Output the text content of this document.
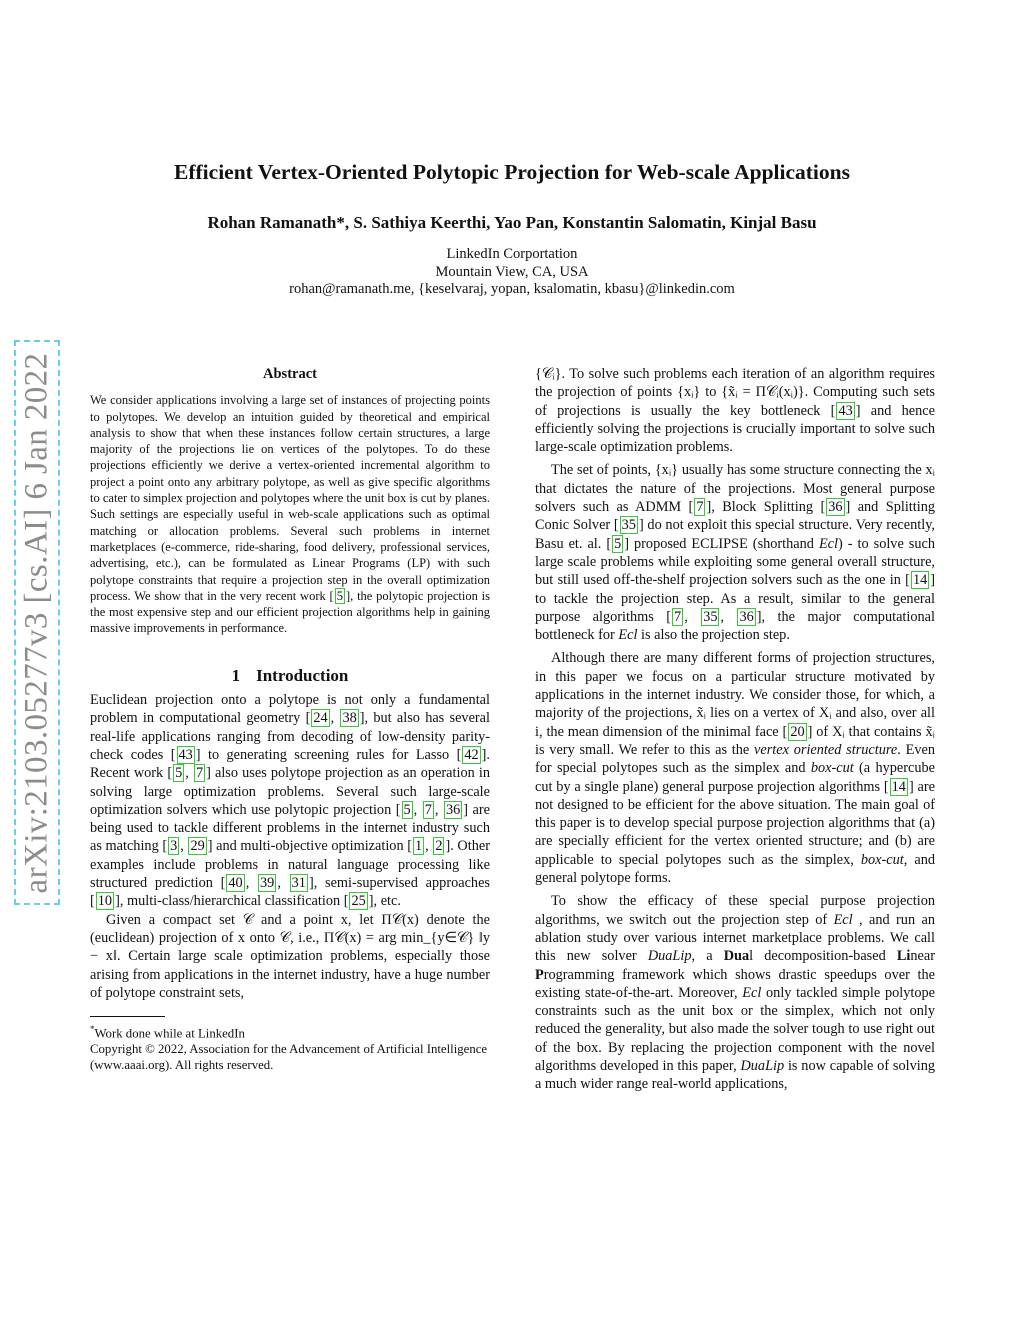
arXiv:2103.05277v3 [cs.AI] 6 Jan 2022
Efficient Vertex-Oriented Polytopic Projection for Web-scale Applications
Rohan Ramanath*, S. Sathiya Keerthi, Yao Pan, Konstantin Salomatin, Kinjal Basu
LinkedIn Corportation
Mountain View, CA, USA
rohan@ramanath.me, {keselvaraj, yopan, ksalomatin, kbasu}@linkedin.com
Abstract

We consider applications involving a large set of instances of projecting points to polytopes. We develop an intuition guided by theoretical and empirical analysis to show that when these instances follow certain structures, a large majority of the projections lie on vertices of the polytopes. To do these projections efficiently we derive a vertex-oriented incremental algorithm to project a point onto any arbitrary polytope, as well as give specific algorithms to cater to simplex projection and polytopes where the unit box is cut by planes. Such settings are especially useful in web-scale applications such as optimal matching or allocation problems. Several such problems in internet marketplaces (e-commerce, ride-sharing, food delivery, professional services, advertising, etc.), can be formulated as Linear Programs (LP) with such polytope constraints that require a projection step in the overall optimization process. We show that in the very recent work [ 5 ], the polytopic projection is the most expensive step and our efficient projection algorithms help in gaining massive improvements in performance.

1 Introduction

Euclidean projection onto a polytope is not only a fundamental problem in computational geometry [ 24 , 38 ], but also has several real-life applications ranging from decoding of low-density parity-check codes [ 43 ] to generating screening rules for Lasso [ 42 ]. Recent work [ 5 , 7 ] also uses polytope projection as an operation in solving large optimization problems. Several such large-scale optimization solvers which use polytopic projection [ 5 , 7 , 36 ] are being used to tackle different problems in the internet industry such as matching [ 3 , 29 ] and multi-objective optimization [ 1 , 2 ]. Other examples include problems in natural language processing like structured prediction [ 40 , 39 , 31 ], semi-supervised approaches [ 10 ], multi-class/hierarchical classification [ 25 ], etc.

Given a compact set 𝒞 and a point x, let Π𝒞(x) denote the (euclidean) projection of x onto 𝒞, i.e., Π𝒞(x) = arg min_{y∈𝒞} ‖y − x‖. Certain large scale optimization problems, especially those arising from applications in the internet industry, have a huge number of polytope constraint sets,

*Work done while at LinkedIn
Copyright © 2022, Association for the Advancement of Artificial Intelligence (www.aaai.org). All rights reserved.

{𝒞ᵢ}. To solve such problems each iteration of an algorithm requires the projection of points {xᵢ} to {x̃ᵢ = Π𝒞ᵢ(xᵢ)}. Computing such sets of projections is usually the key bottleneck [ 43 ] and hence efficiently solving the projections is crucially important to solve such large-scale optimization problems.

The set of points, {xᵢ} usually has some structure connecting the xᵢ that dictates the nature of the projections. Most general purpose solvers such as ADMM [ 7 ], Block Splitting [ 36 ] and Splitting Conic Solver [ 35 ] do not exploit this special structure. Very recently, Basu et. al. [ 5 ] proposed ECLIPSE (shorthand Ecl) - to solve such large scale problems while exploiting some general overall structure, but still used off-the-shelf projection solvers such as the one in [ 14 ] to tackle the projection step. As a result, similar to the general purpose algorithms [ 7 , 35 , 36 ], the major computational bottleneck for Ecl is also the projection step.

Although there are many different forms of projection structures, in this paper we focus on a particular structure motivated by applications in the internet industry. We consider those, for which, a majority of the projections, x̃ᵢ lies on a vertex of Xᵢ and also, over all i, the mean dimension of the minimal face [ 20 ] of Xᵢ that contains x̃ᵢ is very small. We refer to this as the vertex oriented structure. Even for special polytopes such as the simplex and box-cut (a hypercube cut by a single plane) general purpose projection algorithms [ 14 ] are not designed to be efficient for the above situation. The main goal of this paper is to develop special purpose projection algorithms that (a) are specially efficient for the vertex oriented structure; and (b) are applicable to special polytopes such as the simplex, box-cut, and general polytope forms.

To show the efficacy of these special purpose projection algorithms, we switch out the projection step of Ecl , and run an ablation study over various internet marketplace problems. We call this new solver DuaLip, a Dual decomposition-based Linear Programming framework which shows drastic speedups over the existing state-of-the-art. Moreover, Ecl only tackled simple polytope constraints such as the unit box or the simplex, which not only reduced the generality, but also made the solver tough to use right out of the box. By replacing the projection component with the novel algorithms developed in this paper, DuaLip is now capable of solving a much wider range real-world applications,
